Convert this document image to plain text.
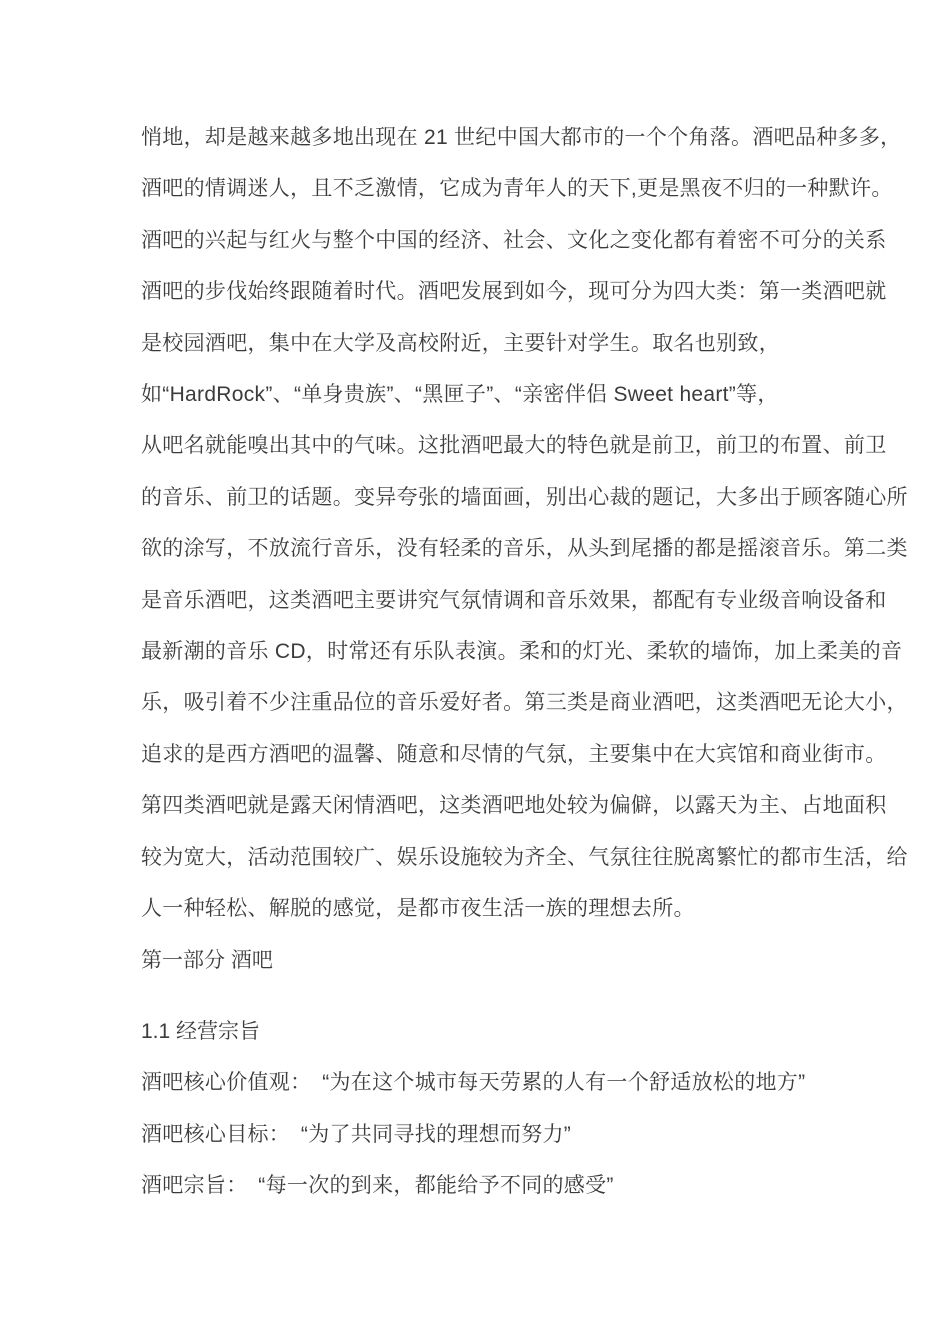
悄地，却是越来越多地出现在 21 世纪中国大都市的一个个角落。酒吧品种多多，

酒吧的情调迷人，且不乏激情，它成为青年人的天下,更是黑夜不归的一种默许。

酒吧的兴起与红火与整个中国的经济、社会、文化之变化都有着密不可分的关系

酒吧的步伐始终跟随着时代。酒吧发展到如今，现可分为四大类：第一类酒吧就

是校园酒吧，集中在大学及高校附近，主要针对学生。取名也别致，

如“HardRock”、“单身贵族”、“黑匣子”、“亲密伴侣 Sweet heart”等，

从吧名就能嗅出其中的气味。这批酒吧最大的特色就是前卫，前卫的布置、前卫

的音乐、前卫的话题。变异夸张的墙面画，别出心裁的题记，大多出于顾客随心所

欲的涂写，不放流行音乐，没有轻柔的音乐，从头到尾播的都是摇滚音乐。第二类

是音乐酒吧，这类酒吧主要讲究气氛情调和音乐效果，都配有专业级音响设备和

最新潮的音乐 CD，时常还有乐队表演。柔和的灯光、柔软的墙饰，加上柔美的音

乐，吸引着不少注重品位的音乐爱好者。第三类是商业酒吧，这类酒吧无论大小，

追求的是西方酒吧的温馨、随意和尽情的气氛，主要集中在大宾馆和商业街市。

第四类酒吧就是露天闲情酒吧，这类酒吧地处较为偏僻，以露天为主、占地面积

较为宽大，活动范围较广、娱乐设施较为齐全、气氛往往脱离繁忙的都市生活，给

人一种轻松、解脱的感觉，是都市夜生活一族的理想去所。

第一部分 酒吧

1.1 经营宗旨

酒吧核心价值观：　“为在这个城市每天劳累的人有一个舒适放松的地方”

酒吧核心目标：　“为了共同寻找的理想而努力”

酒吧宗旨：　“每一次的到来，都能给予不同的感受”
